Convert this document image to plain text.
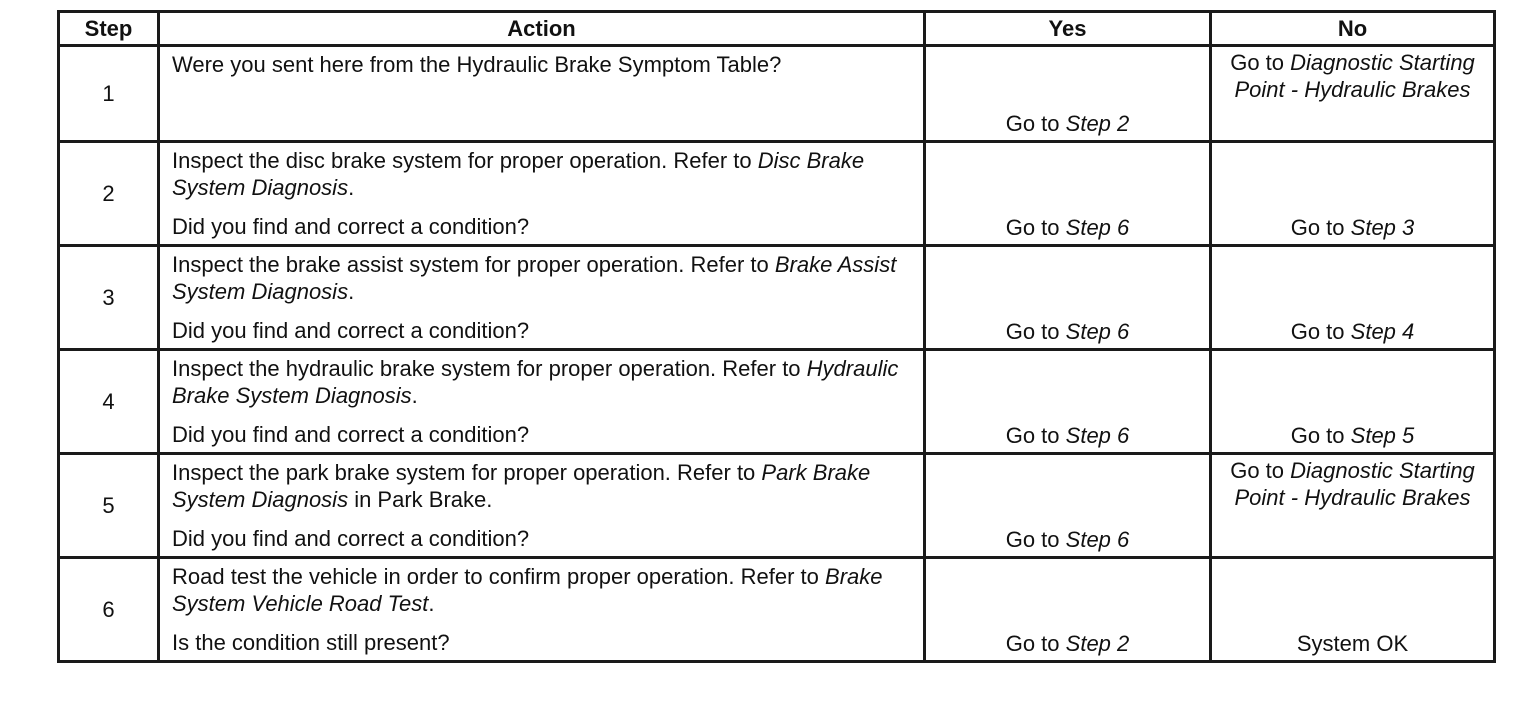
Step	Action	Yes	No
1	Were you sent here from the Hydraulic Brake Symptom Table?	Go to Step 2	Go to Diagnostic Starting Point - Hydraulic Brakes
2	Inspect the disc brake system for proper operation. Refer to Disc Brake System Diagnosis.
Did you find and correct a condition?	Go to Step 6	Go to Step 3
3	Inspect the brake assist system for proper operation. Refer to Brake Assist System Diagnosis.
Did you find and correct a condition?	Go to Step 6	Go to Step 4
4	Inspect the hydraulic brake system for proper operation. Refer to Hydraulic Brake System Diagnosis.
Did you find and correct a condition?	Go to Step 6	Go to Step 5
5	Inspect the park brake system for proper operation. Refer to Park Brake System Diagnosis in Park Brake.
Did you find and correct a condition?	Go to Step 6	Go to Diagnostic Starting Point - Hydraulic Brakes
6	Road test the vehicle in order to confirm proper operation. Refer to Brake System Vehicle Road Test.
Is the condition still present?	Go to Step 2	System OK
